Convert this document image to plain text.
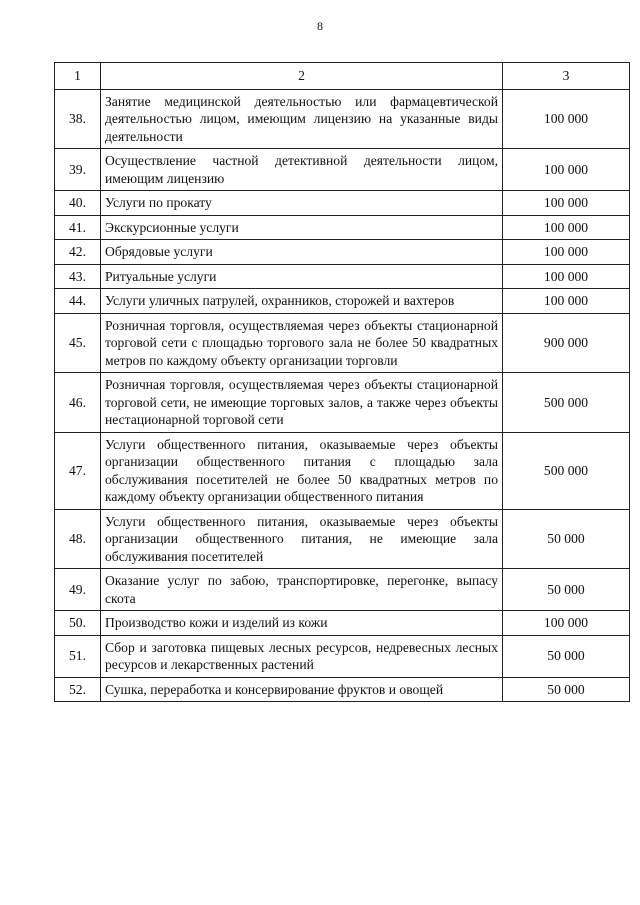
8
1	2	3
38.	Занятие медицинской деятельностью или фармацевтической деятельностью лицом, имеющим лицензию на указанные виды деятельности	100 000
39.	Осуществление частной детективной деятельности лицом, имеющим лицензию	100 000
40.	Услуги по прокату	100 000
41.	Экскурсионные услуги	100 000
42.	Обрядовые услуги	100 000
43.	Ритуальные услуги	100 000
44.	Услуги уличных патрулей, охранников, сторожей и вахтеров	100 000
45.	Розничная торговля, осуществляемая через объекты стационарной торговой сети с площадью торгового зала не более 50 квадратных метров по каждому объекту организации торговли	900 000
46.	Розничная торговля, осуществляемая через объекты стационарной торговой сети, не имеющие торговых залов, а также через объекты нестационарной торговой сети	500 000
47.	Услуги общественного питания, оказываемые через объекты организации общественного питания с площадью зала обслуживания посетителей не более 50 квадратных метров по каждому объекту организации общественного питания	500 000
48.	Услуги общественного питания, оказываемые через объекты организации общественного питания, не имеющие зала обслуживания посетителей	50 000
49.	Оказание услуг по забою, транспортировке, перегонке, выпасу скота	50 000
50.	Производство кожи и изделий из кожи	100 000
51.	Сбор и заготовка пищевых лесных ресурсов, недревесных лесных ресурсов и лекарственных растений	50 000
52.	Сушка, переработка и консервирование фруктов и овощей	50 000
